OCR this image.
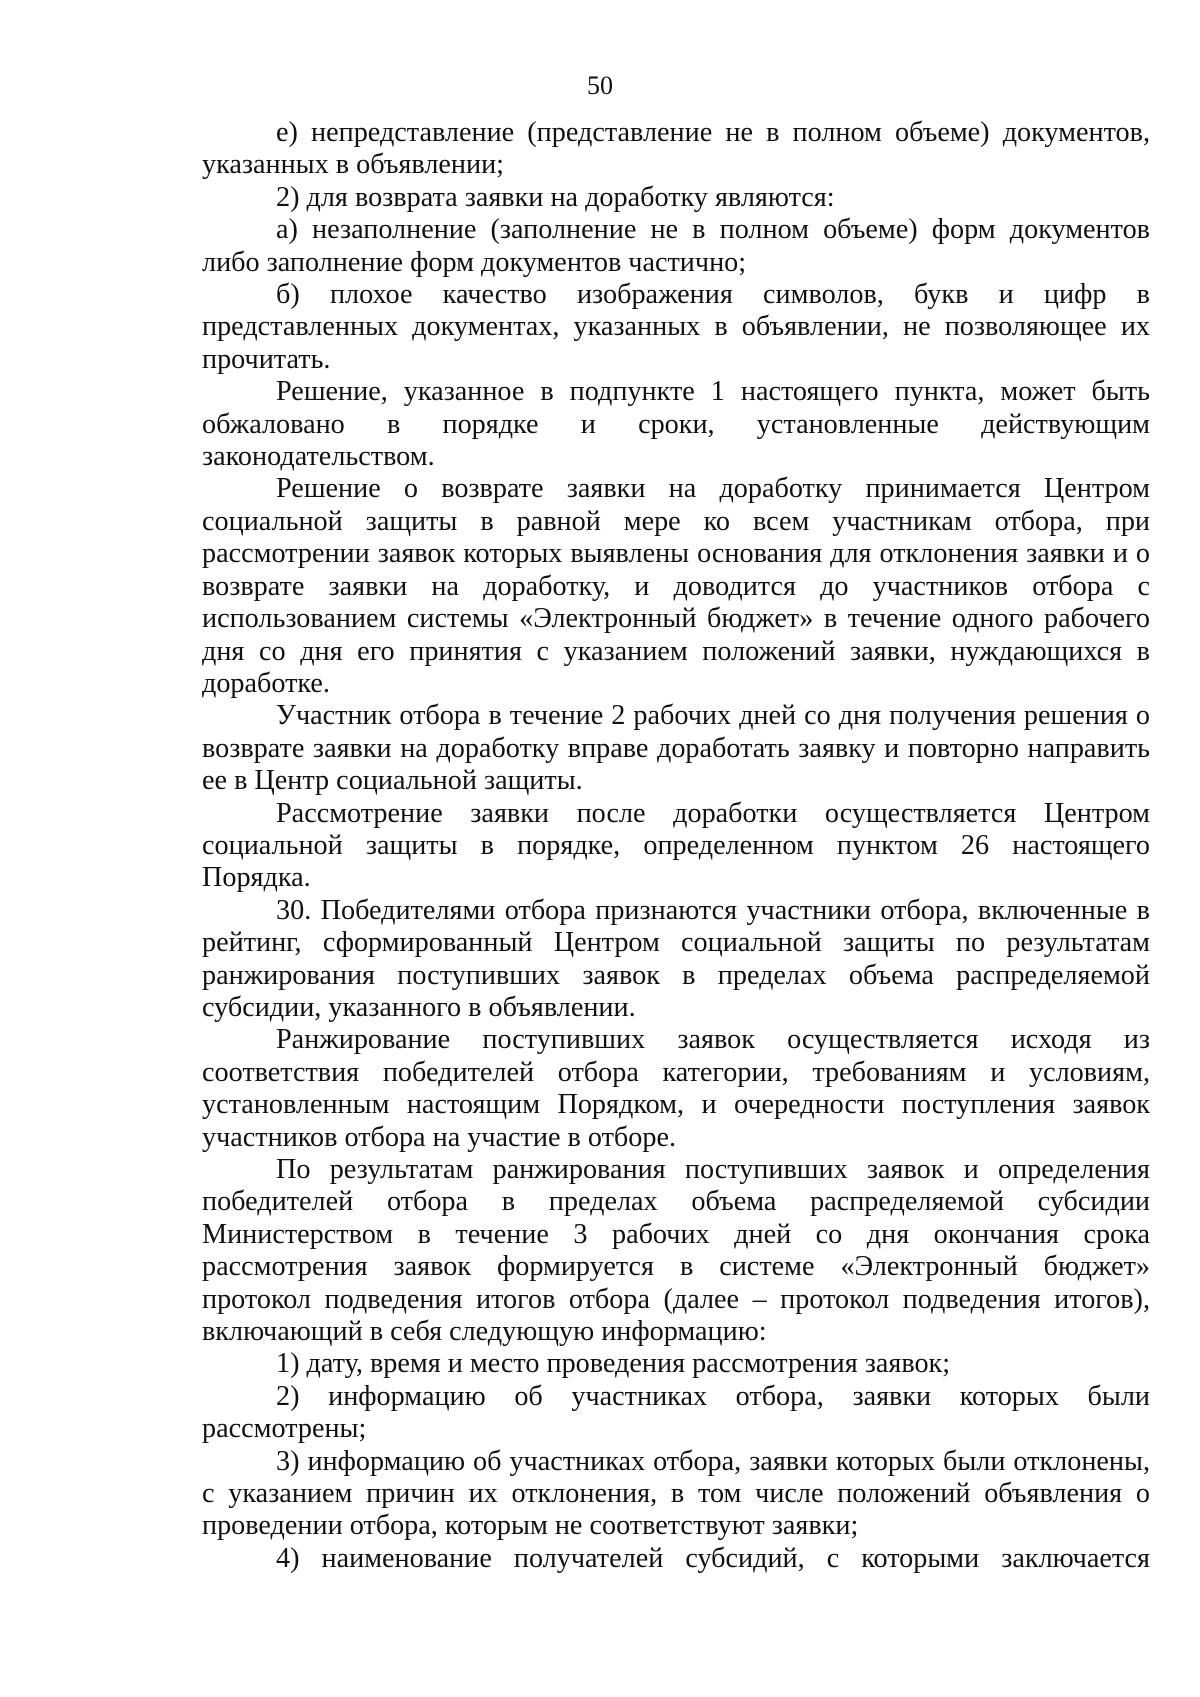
50

е) непредставление (представление не в полном объеме) документов, указанных в объявлении;

2) для возврата заявки на доработку являются:

а) незаполнение (заполнение не в полном объеме) форм документов либо заполнение форм документов частично;

б) плохое качество изображения символов, букв и цифр в представленных документах, указанных в объявлении, не позволяющее их прочитать.

Решение, указанное в подпункте 1 настоящего пункта, может быть обжаловано в порядке и сроки, установленные действующим законодательством.

Решение о возврате заявки на доработку принимается Центром социальной защиты в равной мере ко всем участникам отбора, при рассмотрении заявок которых выявлены основания для отклонения заявки и о возврате заявки на доработку, и доводится до участников отбора с использованием системы «Электронный бюджет» в течение одного рабочего дня со дня его принятия с указанием положений заявки, нуждающихся в доработке.

Участник отбора в течение 2 рабочих дней со дня получения решения о возврате заявки на доработку вправе доработать заявку и повторно направить ее в Центр социальной защиты.

Рассмотрение заявки после доработки осуществляется Центром социальной защиты в порядке, определенном пунктом 26 настоящего Порядка.

30. Победителями отбора признаются участники отбора, включенные в рейтинг, сформированный Центром социальной защиты по результатам ранжирования поступивших заявок в пределах объема распределяемой субсидии, указанного в объявлении.

Ранжирование поступивших заявок осуществляется исходя из соответствия победителей отбора категории, требованиям и условиям, установленным настоящим Порядком, и очередности поступления заявок участников отбора на участие в отборе.

По результатам ранжирования поступивших заявок и определения победителей отбора в пределах объема распределяемой субсидии Министерством в течение 3 рабочих дней со дня окончания срока рассмотрения заявок формируется в системе «Электронный бюджет» протокол подведения итогов отбора (далее – протокол подведения итогов), включающий в себя следующую информацию:

1) дату, время и место проведения рассмотрения заявок;

2) информацию об участниках отбора, заявки которых были рассмотрены;

3) информацию об участниках отбора, заявки которых были отклонены, с указанием причин их отклонения, в том числе положений объявления о проведении отбора, которым не соответствуют заявки;

4) наименование получателей субсидий, с которыми заключается
